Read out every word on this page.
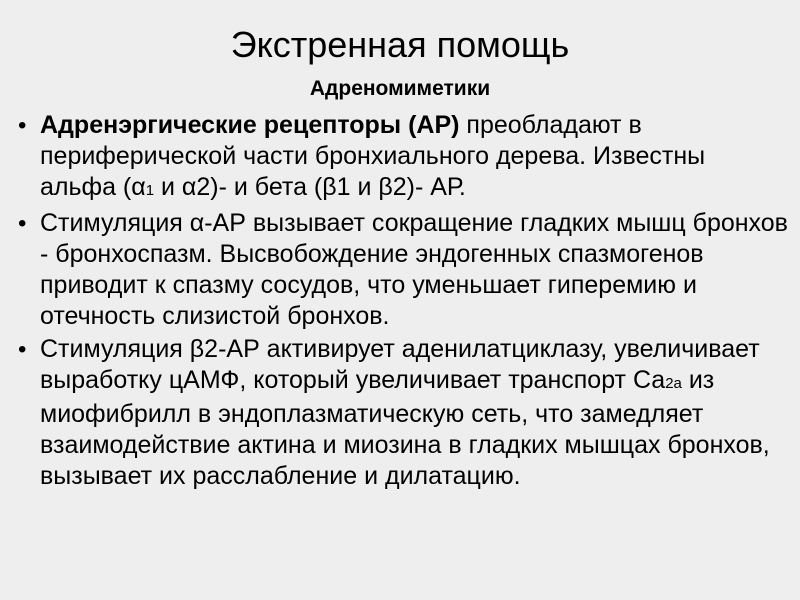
Экстренная помощь
Адреномиметики
• Адренэргические рецепторы (АР) преобладают в периферической части бронхиального дерева. Известны альфа (α1 и α2)- и бета (β1 и β2)- АР.
• Стимуляция α-АР вызывает сокращение гладких мышц бронхов - бронхоспазм. Высвобождение эндогенных спазмогенов приводит к спазму сосудов, что уменьшает гиперемию и отечность слизистой бронхов.
• Стимуляция β2-АР активирует аденилатциклазу, увеличивает выработку цАМФ, который увеличивает транспорт Са2а из миофибрилл в эндоплазматическую сеть, что замедляет взаимодействие актина и миозина в гладких мышцах бронхов, вызывает их расслабление и дилатацию.
